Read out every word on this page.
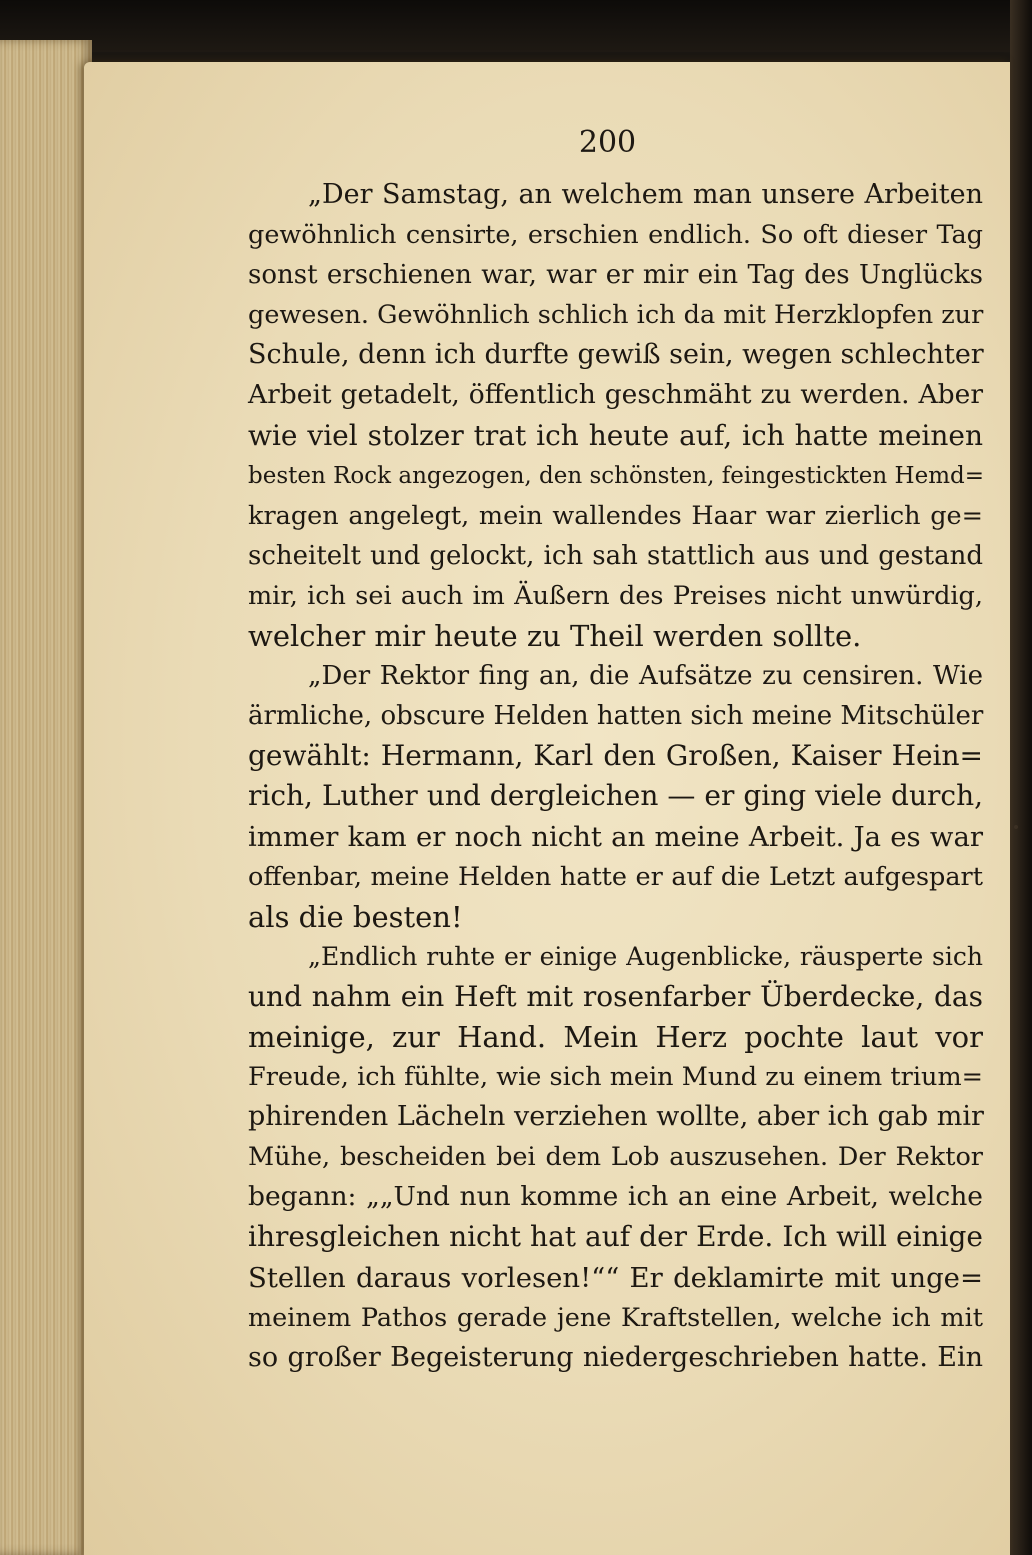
200
„Der Samstag, an welchem man unsere Arbeiten
gewöhnlich censirte, erschien endlich. So oft dieser Tag
sonst erschienen war, war er mir ein Tag des Unglücks
gewesen. Gewöhnlich schlich ich da mit Herzklopfen zur
Schule, denn ich durfte gewiß sein, wegen schlechter
Arbeit getadelt, öffentlich geschmäht zu werden. Aber
wie viel stolzer trat ich heute auf, ich hatte meinen
besten Rock angezogen, den schönsten, feingestickten Hemd=
kragen angelegt, mein wallendes Haar war zierlich ge=
scheitelt und gelockt, ich sah stattlich aus und gestand
mir, ich sei auch im Äußern des Preises nicht unwürdig,
welcher mir heute zu Theil werden sollte.
„Der Rektor fing an, die Aufsätze zu censiren. Wie
ärmliche, obscure Helden hatten sich meine Mitschüler
gewählt: Hermann, Karl den Großen, Kaiser Hein=
rich, Luther und dergleichen — er ging viele durch,
immer kam er noch nicht an meine Arbeit. Ja es war
offenbar, meine Helden hatte er auf die Letzt aufgespart
als die besten!
„Endlich ruhte er einige Augenblicke, räusperte sich
und nahm ein Heft mit rosenfarber Überdecke, das
meinige, zur Hand. Mein Herz pochte laut vor
Freude, ich fühlte, wie sich mein Mund zu einem trium=
phirenden Lächeln verziehen wollte, aber ich gab mir
Mühe, bescheiden bei dem Lob auszusehen. Der Rektor
begann: „„Und nun komme ich an eine Arbeit, welche
ihresgleichen nicht hat auf der Erde. Ich will einige
Stellen daraus vorlesen!““ Er deklamirte mit unge=
meinem Pathos gerade jene Kraftstellen, welche ich mit
so großer Begeisterung niedergeschrieben hatte. Ein
